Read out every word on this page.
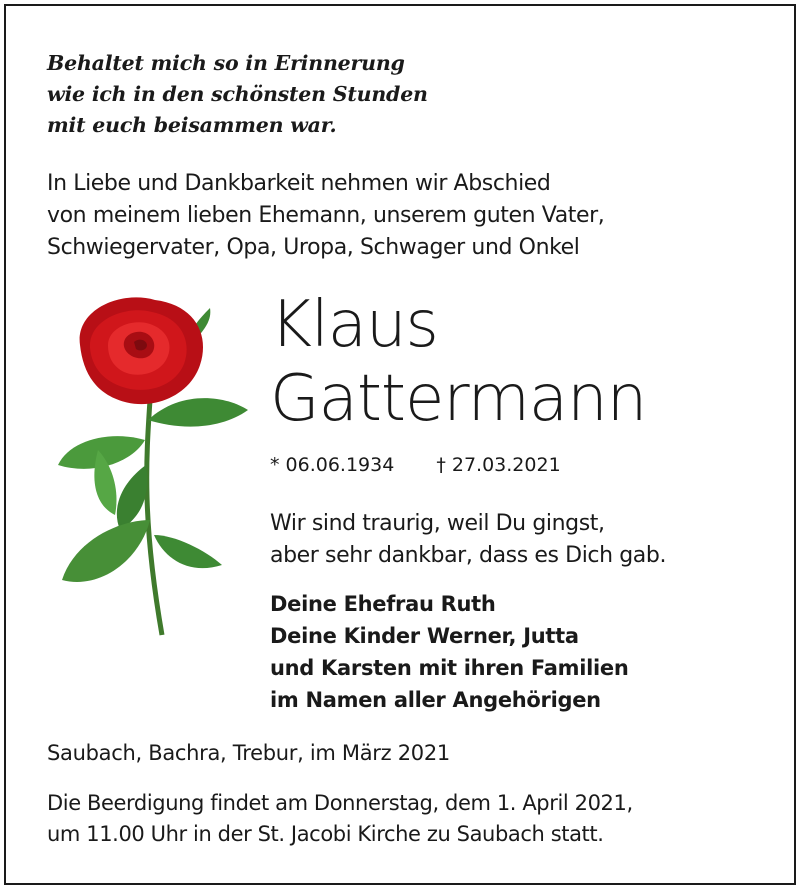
Behaltet mich so in Erinnerung
wie ich in den schönsten Stunden
mit euch beisammen war.
In Liebe und Dankbarkeit nehmen wir Abschied
von meinem lieben Ehemann, unserem guten Vater,
Schwiegervater, Opa, Uropa, Schwager und Onkel
Klaus
Gattermann
* 06.06.1934 † 27.03.2021
Wir sind traurig, weil Du gingst,
aber sehr dankbar, dass es Dich gab.
Deine Ehefrau Ruth
Deine Kinder Werner, Jutta
und Karsten mit ihren Familien
im Namen aller Angehörigen
Saubach, Bachra, Trebur, im März 2021
Die Beerdigung findet am Donnerstag, dem 1. April 2021,
um 11.00 Uhr in der St. Jacobi Kirche zu Saubach statt.
